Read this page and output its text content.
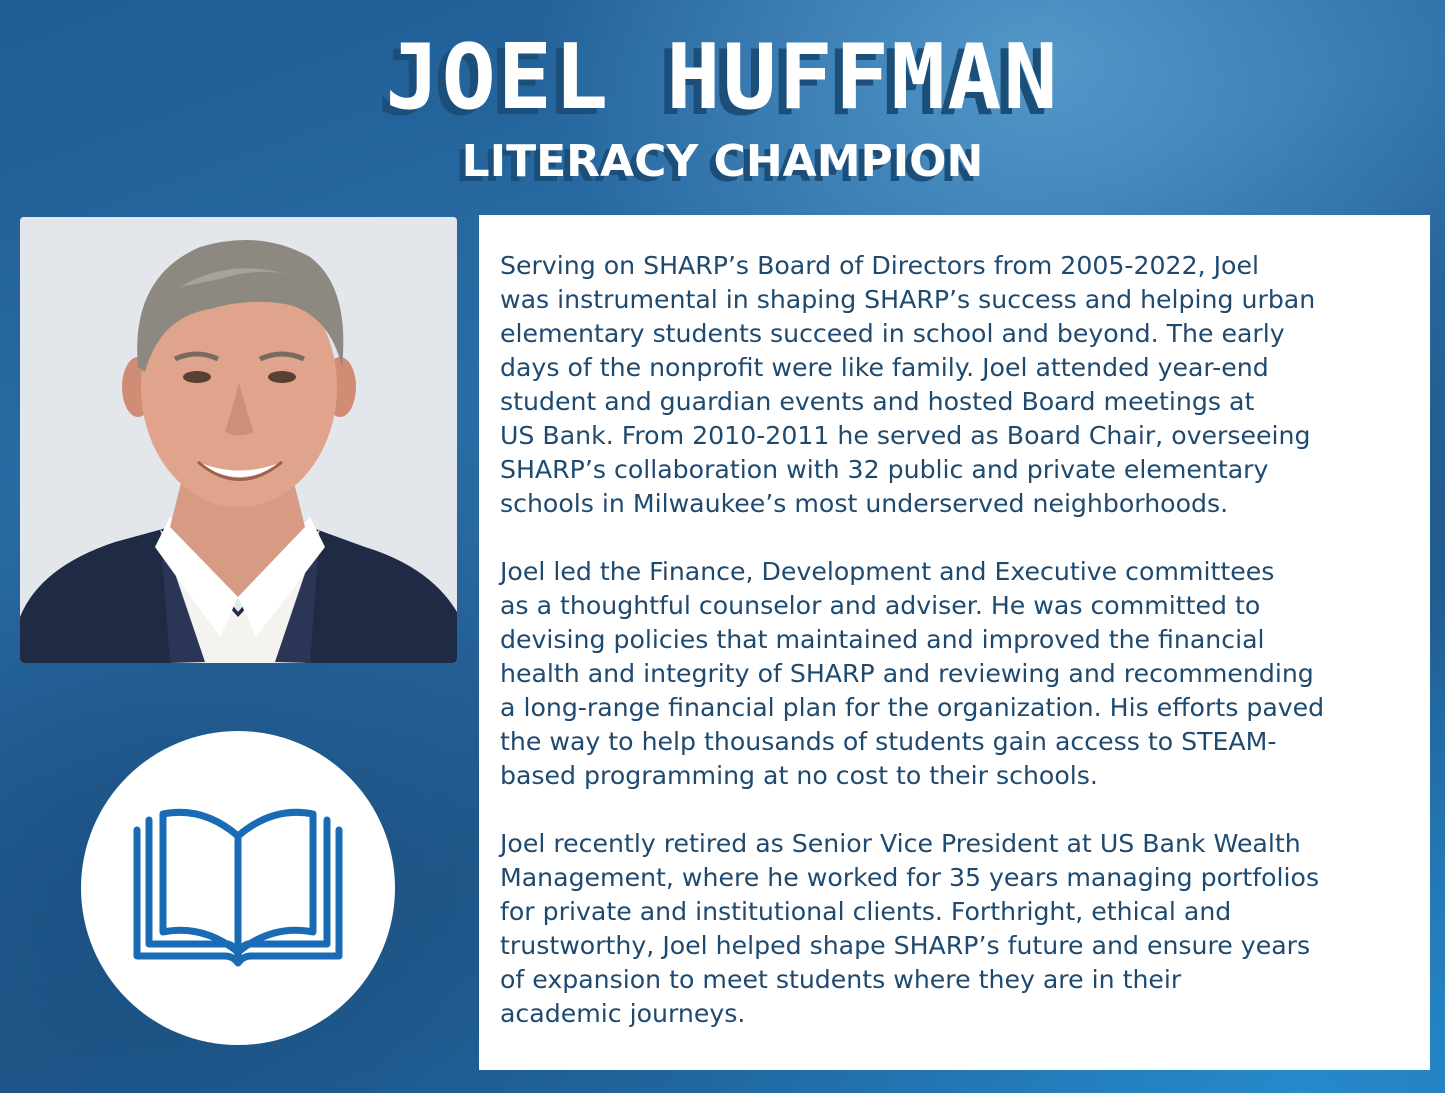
JOEL HUFFMAN
LITERACY CHAMPION
Serving on SHARP’s Board of Directors from 2005-2022, Joel
was instrumental in shaping SHARP’s success and helping urban
elementary students succeed in school and beyond. The early
days of the nonprofit were like family. Joel attended year-end
student and guardian events and hosted Board meetings at
US Bank. From 2010-2011 he served as Board Chair, overseeing
SHARP’s collaboration with 32 public and private elementary
schools in Milwaukee’s most underserved neighborhoods.
Joel led the Finance, Development and Executive committees
as a thoughtful counselor and adviser. He was committed to
devising policies that maintained and improved the financial
health and integrity of SHARP and reviewing and recommending
a long-range financial plan for the organization. His efforts paved
the way to help thousands of students gain access to STEAM-
based programming at no cost to their schools.
Joel recently retired as Senior Vice President at US Bank Wealth
Management, where he worked for 35 years managing portfolios
for private and institutional clients. Forthright, ethical and
trustworthy, Joel helped shape SHARP’s future and ensure years
of expansion to meet students where they are in their
academic journeys.
